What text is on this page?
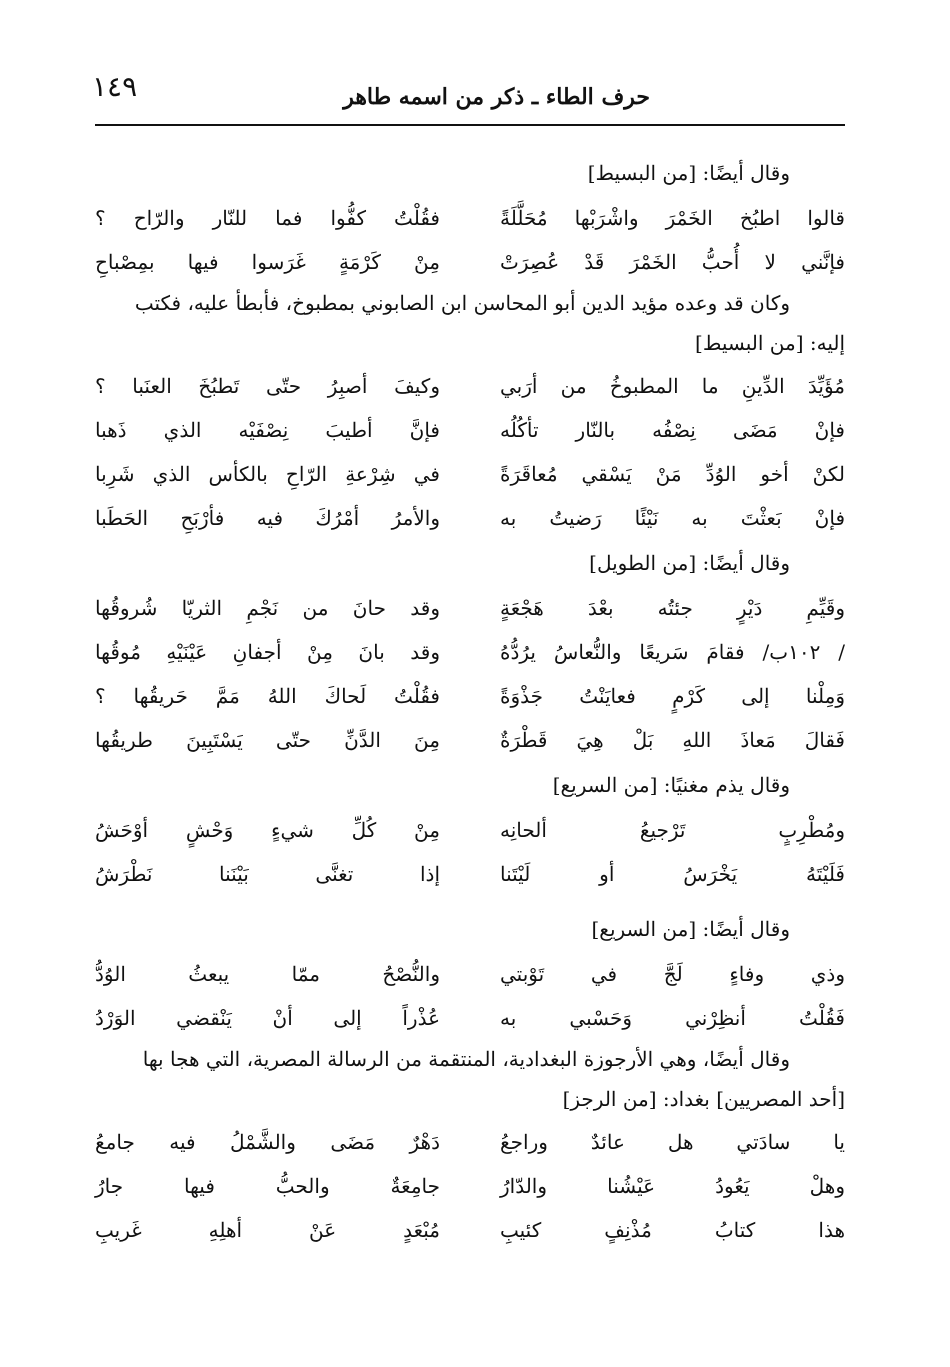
١٤٩	حرف الطاء ـ ذكر من اسمه طاهر
وقال أيضًا: [من البسيط]
قالوا اطبُخ الخَمْرَ واشْرَبْها مُحَلَّلَةً
فقُلْتُ كفُّوا فما للنّار والرّاح ؟
فإنَّني لا أُحبُّ الخَمْرَ قَدْ عُصِرَتْ
مِنْ كَرْمَةٍ غَرَسوا فيها بمِصْباحِ
وكان قد وعده مؤيد الدين أبو المحاسن ابن الصابوني بمطبوخ، فأبطأ عليه، فكتب
إليه: [من البسيط]
مُؤَيِّدَ الدِّينِ ما المطبوخُ من أرَبي
وكيفَ أصبِرُ حتّى تَطبُخَ العنَبا ؟
فإنْ مَضَى نِصْفُه بالنّار تأكُلُه
فإنَّ أطيبَ نِصْفَيْه الذي ذَهبا
لكنْ أخو الوُدِّ مَنْ يَسْقي مُعاقَرَةً
في شِرْعةِ الرّاحِ بالكأس الذي شَرِبا
فإنْ بَعثْتَ به نَيْئًا رَضيتُ به
والأمرُ أمْرُكَ فيه فأرْبَحِ الحَطَبا
وقال أيضًا: [من الطويل]
وقَيِّمِ دَيْرٍ جئتُه بعْدَ هَجْعَةٍ
وقد حانَ من نَجْمِ الثريّا شُروقُها
/ ١٠٢ب/ فقامَ سَريعًا والنُّعاسُ يرُدُّهُ
وقد بانَ مِنْ أجفانِ عَيْنَيْهِ مُوقُها
وَمِلْنا إلى كَرْمٍ فعايَنْتُ جَذْوَةً
فقُلْتُ لَحاكَ اللهُ مَمَّ حَريقُها ؟
فَقالَ مَعاذَ اللهِ بَلْ هِيَ قَطْرَةٌ
مِنَ الدَّنِّ حتّى يَسْتَبِينَ طريقُها
وقال يذم مغنيًا: [من السريع]
ومُطْرِبٍ تَرْجيعُ ألحانِه
مِنْ كُلِّ شيءٍ وَحْشٍ أوْحَشُ
فَلَيْتَهُ يَخْرَسُ أو لَيْتَنا
إذا تغنَّى بَيْنَنا نَطْرَشُ
وقال أيضًا: [من السريع]
وذي وفاءٍ لَجَّ في تَوْبتي
والنُّصْحُ ممّا يبعثُ الوُدُّ
فَقُلْتُ أنظِرْني وَحَسْبي به
عُذْراً إلى أنْ يَنْقضي الوَرْدُ
وقال أيضًا، وهي الأرجوزة البغدادية، المنتقمة من الرسالة المصرية، التي هجا بها
[أحد المصريين] بغداد: [من الرجز]
يا سادَتي هل عائدٌ وراجعُ
دَهْرٌ مَضَى والشَّمْلُ فيه جامعُ
وهلْ يَعُودُ عَيْشُنا والدّارُ
جامِعَةٌ والحبُّ فيها جارُ
هذا كتابُ مُذْنِفٍ كئيبِ
مُبْعَدٍ عَنْ أهلِهِ غَريبِ
